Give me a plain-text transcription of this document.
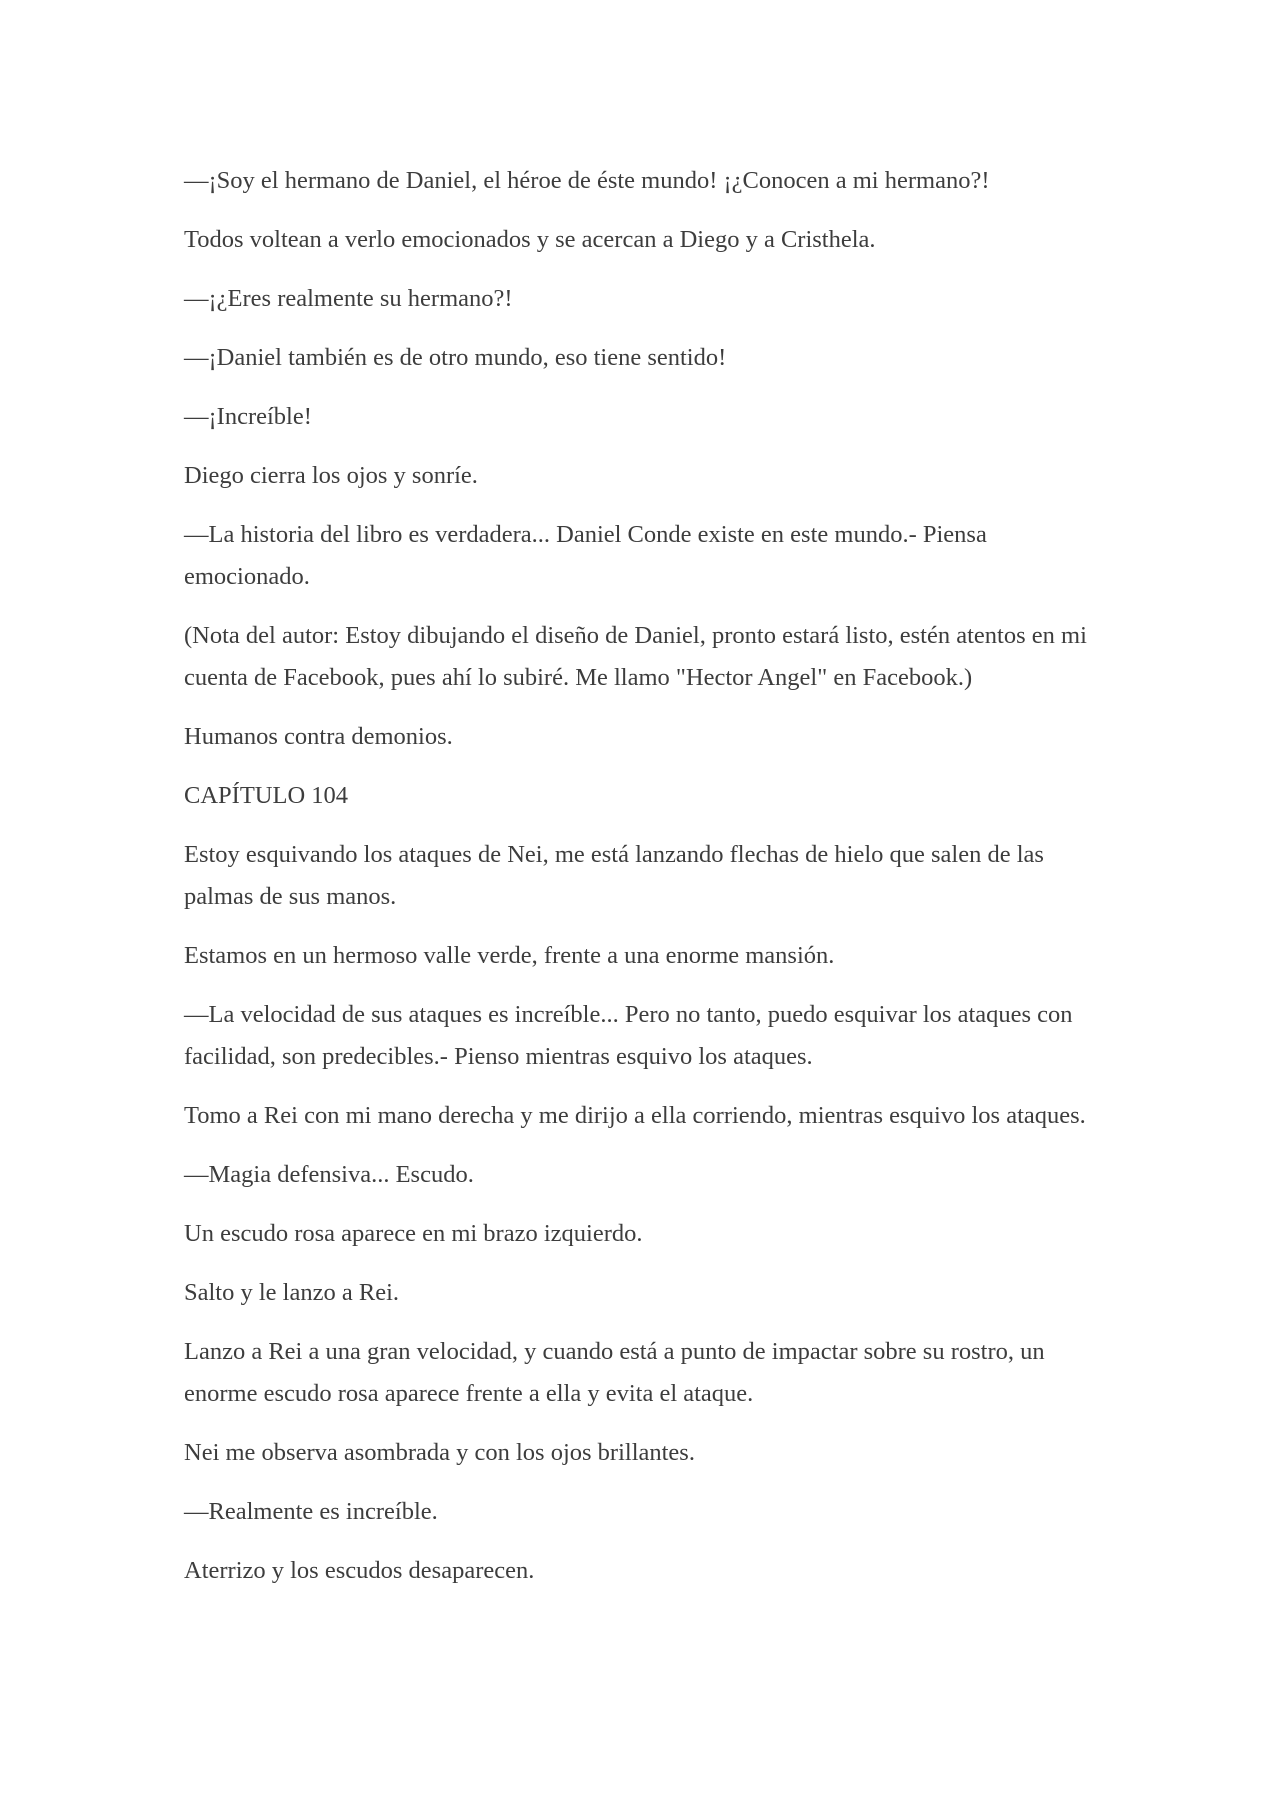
—¡Soy el hermano de Daniel, el héroe de éste mundo! ¡¿Conocen a mi hermano?!

Todos voltean a verlo emocionados y se acercan a Diego y a Cristhela.

—¡¿Eres realmente su hermano?!

—¡Daniel también es de otro mundo, eso tiene sentido!

—¡Increíble!

Diego cierra los ojos y sonríe.

—La historia del libro es verdadera... Daniel Conde existe en este mundo.- Piensa emocionado.

(Nota del autor: Estoy dibujando el diseño de Daniel, pronto estará listo, estén atentos en mi cuenta de Facebook, pues ahí lo subiré. Me llamo "Hector Angel" en Facebook.)

Humanos contra demonios.

CAPÍTULO 104

Estoy esquivando los ataques de Nei, me está lanzando flechas de hielo que salen de las palmas de sus manos.

Estamos en un hermoso valle verde, frente a una enorme mansión.

—La velocidad de sus ataques es increíble... Pero no tanto, puedo esquivar los ataques con facilidad, son predecibles.- Pienso mientras esquivo los ataques.

Tomo a Rei con mi mano derecha y me dirijo a ella corriendo, mientras esquivo los ataques.

—Magia defensiva... Escudo.

Un escudo rosa aparece en mi brazo izquierdo.

Salto y le lanzo a Rei.

Lanzo a Rei a una gran velocidad, y cuando está a punto de impactar sobre su rostro, un enorme escudo rosa aparece frente a ella y evita el ataque.

Nei me observa asombrada y con los ojos brillantes.

—Realmente es increíble.

Aterrizo y los escudos desaparecen.
